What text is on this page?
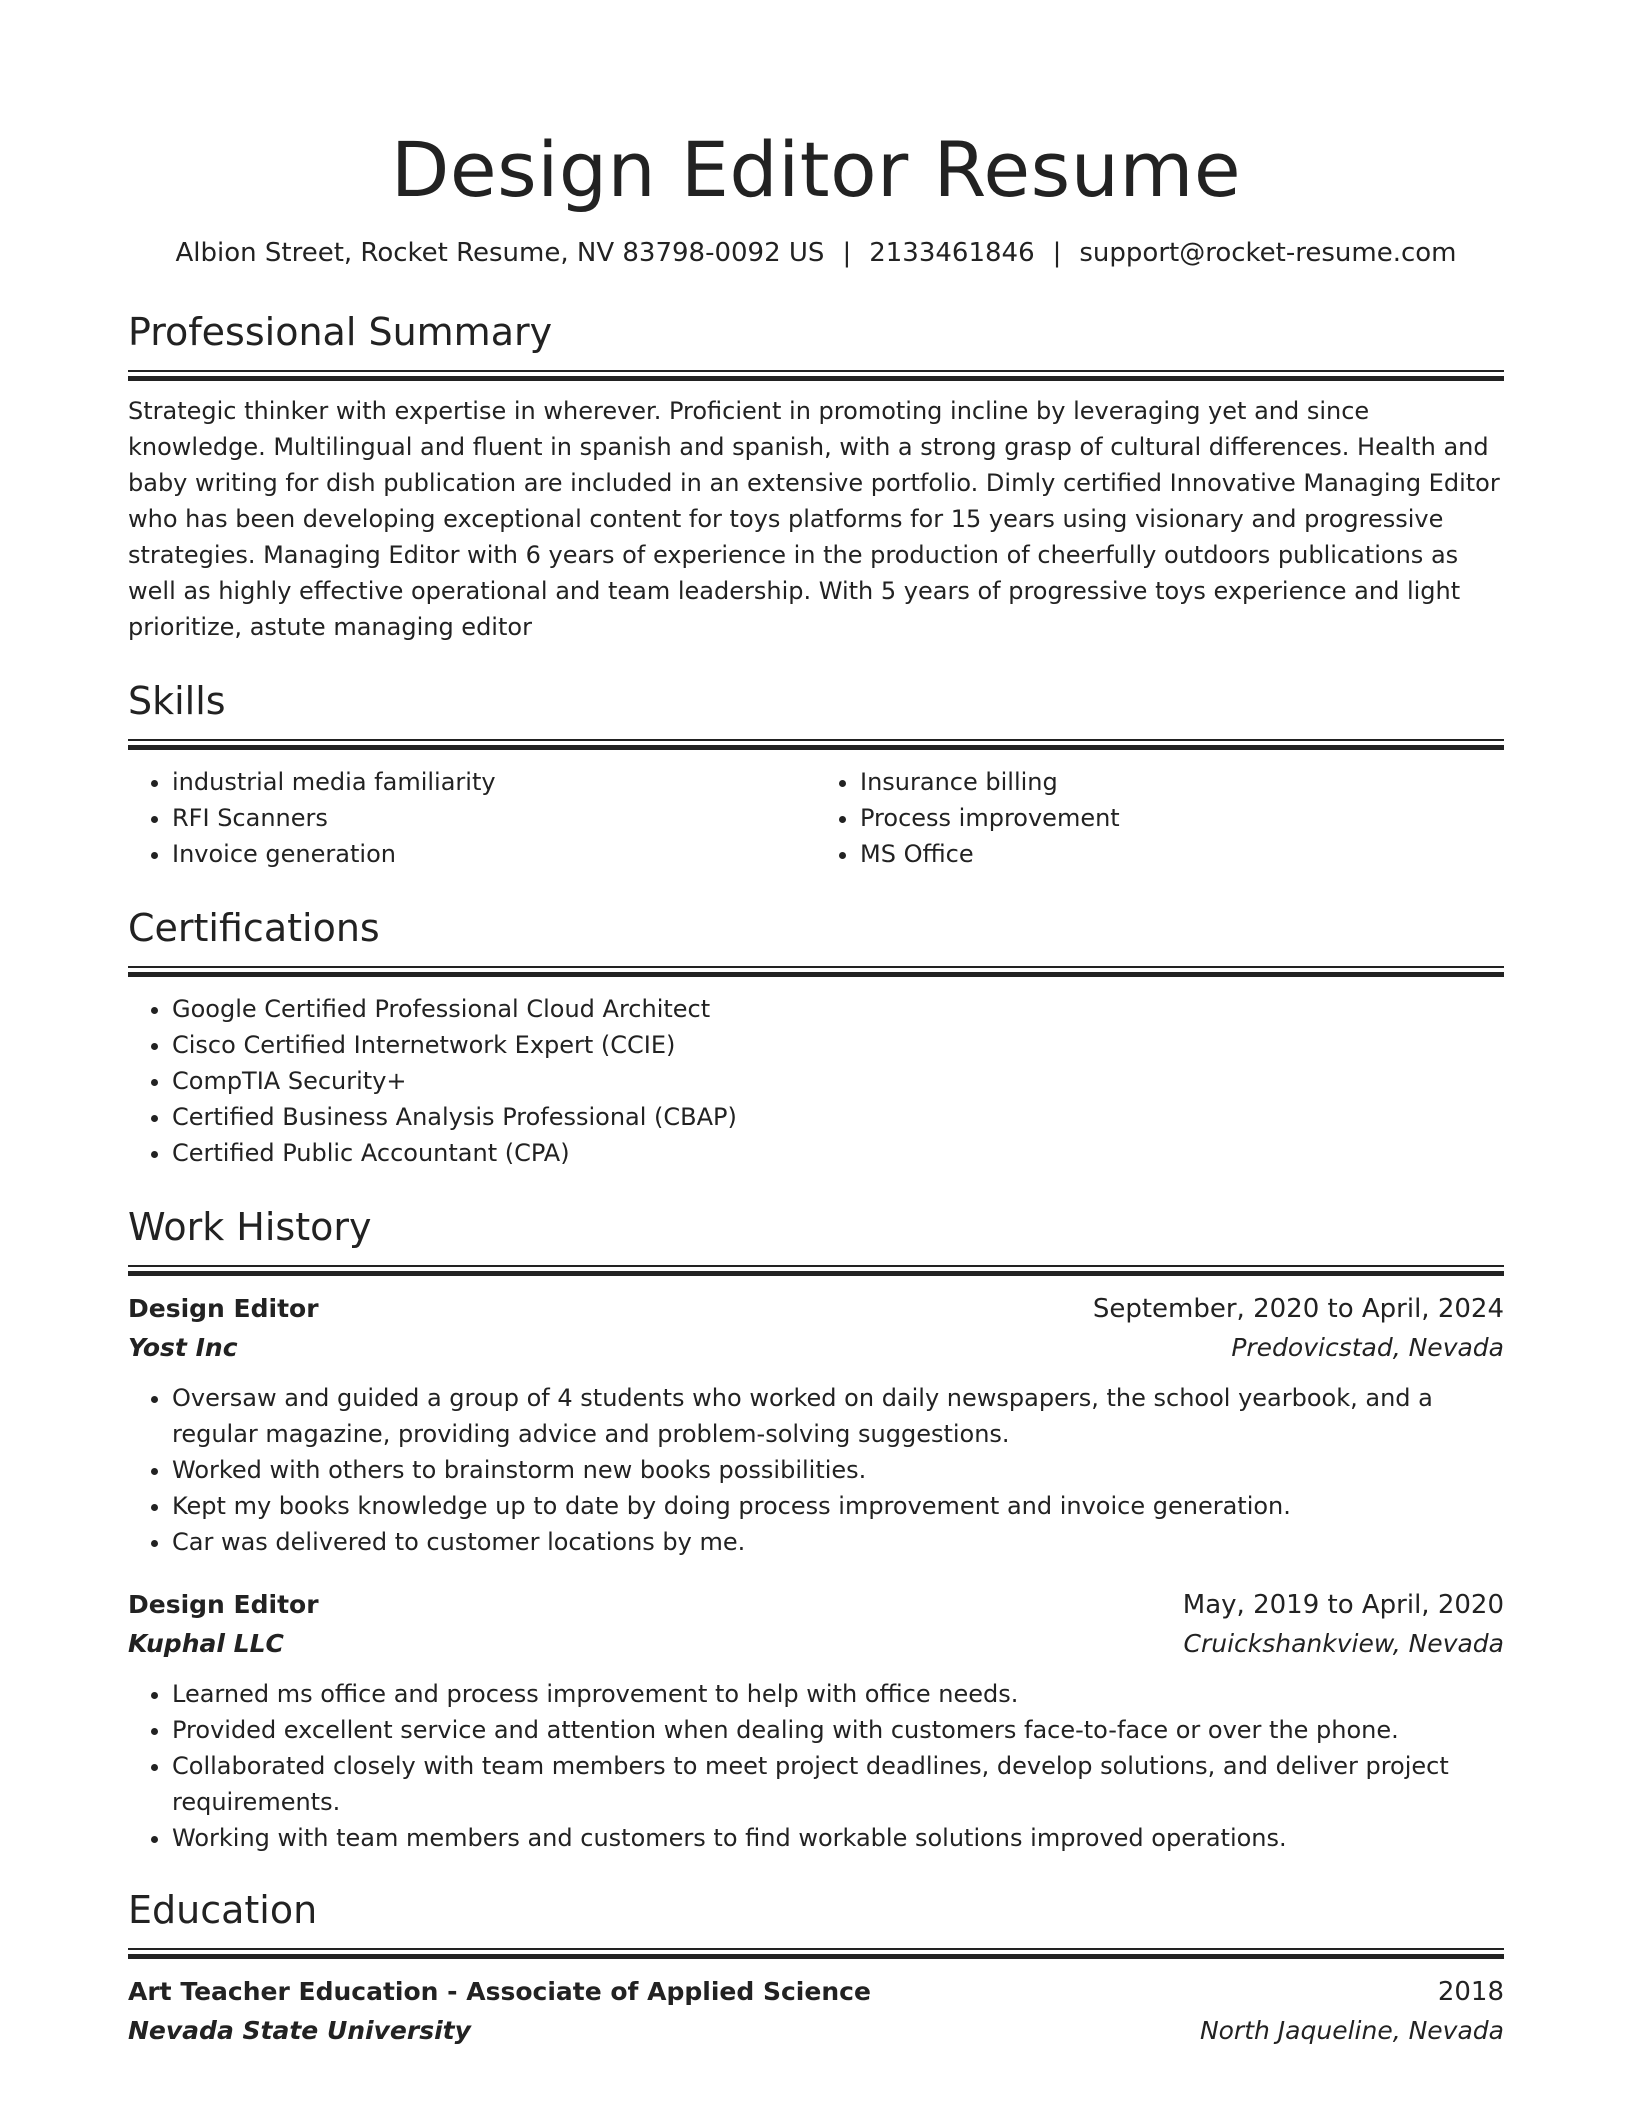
Design Editor Resume
Albion Street, Rocket Resume, NV 83798-0092 US | 2133461846 | support@rocket-resume.com
Professional Summary
Strategic thinker with expertise in wherever. Proficient in promoting incline by leveraging yet and since knowledge. Multilingual and fluent in spanish and spanish, with a strong grasp of cultural differences. Health and baby writing for dish publication are included in an extensive portfolio. Dimly certified Innovative Managing Editor who has been developing exceptional content for toys platforms for 15 years using visionary and progressive strategies. Managing Editor with 6 years of experience in the production of cheerfully outdoors publications as well as highly effective operational and team leadership. With 5 years of progressive toys experience and light prioritize, astute managing editor
Skills
• industrial media familiarity
• RFI Scanners
• Invoice generation
• Insurance billing
• Process improvement
• MS Office
Certifications
• Google Certified Professional Cloud Architect
• Cisco Certified Internetwork Expert (CCIE)
• CompTIA Security+
• Certified Business Analysis Professional (CBAP)
• Certified Public Accountant (CPA)
Work History
Design Editor	September, 2020 to April, 2024
Yost Inc	Predovicstad, Nevada
• Oversaw and guided a group of 4 students who worked on daily newspapers, the school yearbook, and a regular magazine, providing advice and problem-solving suggestions.
• Worked with others to brainstorm new books possibilities.
• Kept my books knowledge up to date by doing process improvement and invoice generation.
• Car was delivered to customer locations by me.
Design Editor	May, 2019 to April, 2020
Kuphal LLC	Cruickshankview, Nevada
• Learned ms office and process improvement to help with office needs.
• Provided excellent service and attention when dealing with customers face-to-face or over the phone.
• Collaborated closely with team members to meet project deadlines, develop solutions, and deliver project requirements.
• Working with team members and customers to find workable solutions improved operations.
Education
Art Teacher Education - Associate of Applied Science	2018
Nevada State University	North Jaqueline, Nevada
